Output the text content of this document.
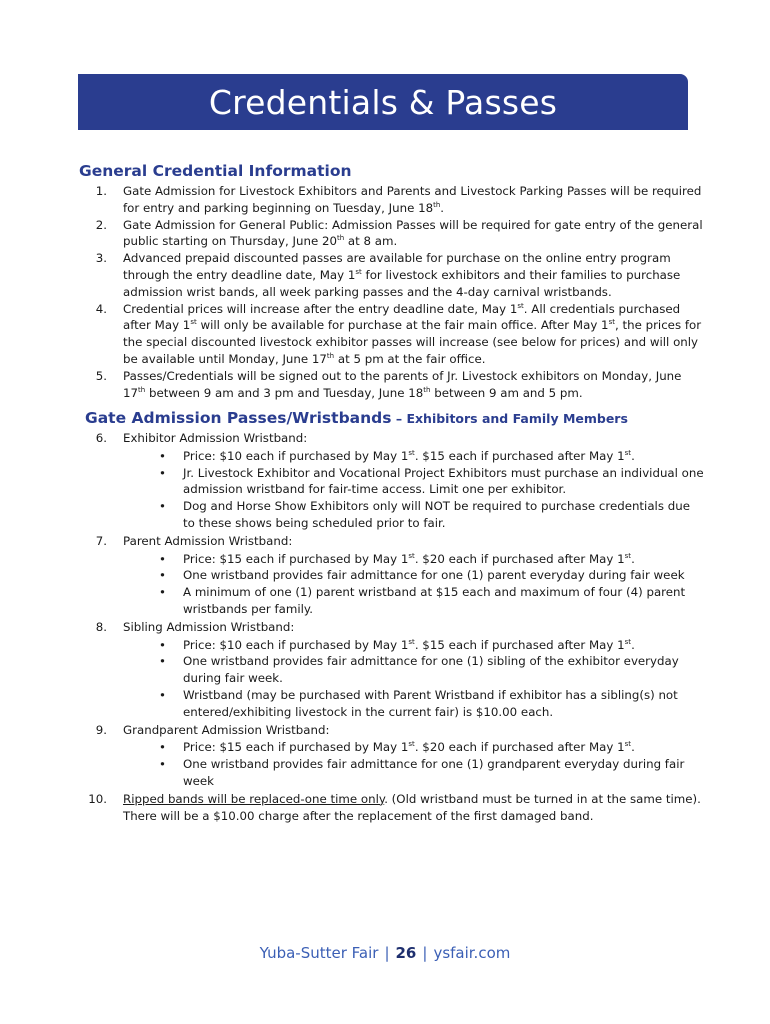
Credentials & Passes
General Credential Information
1. Gate Admission for Livestock Exhibitors and Parents and Livestock Parking Passes will be required for entry and parking beginning on Tuesday, June 18th.
2. Gate Admission for General Public: Admission Passes will be required for gate entry of the general public starting on Thursday, June 20th at 8 am.
3. Advanced prepaid discounted passes are available for purchase on the online entry program through the entry deadline date, May 1st for livestock exhibitors and their families to purchase admission wrist bands, all week parking passes and the 4-day carnival wristbands.
4. Credential prices will increase after the entry deadline date, May 1st. All credentials purchased after May 1st will only be available for purchase at the fair main office. After May 1st, the prices for the special discounted livestock exhibitor passes will increase (see below for prices) and will only be available until Monday, June 17th at 5 pm at the fair office.
5. Passes/Credentials will be signed out to the parents of Jr. Livestock exhibitors on Monday, June 17th between 9 am and 3 pm and Tuesday, June 18th between 9 am and 5 pm.
Gate Admission Passes/Wristbands – Exhibitors and Family Members
6. Exhibitor Admission Wristband:
• Price: $10 each if purchased by May 1st. $15 each if purchased after May 1st.
• Jr. Livestock Exhibitor and Vocational Project Exhibitors must purchase an individual one admission wristband for fair-time access. Limit one per exhibitor.
• Dog and Horse Show Exhibitors only will NOT be required to purchase credentials due to these shows being scheduled prior to fair.
7. Parent Admission Wristband:
• Price: $15 each if purchased by May 1st. $20 each if purchased after May 1st.
• One wristband provides fair admittance for one (1) parent everyday during fair week
• A minimum of one (1) parent wristband at $15 each and maximum of four (4) parent wristbands per family.
8. Sibling Admission Wristband:
• Price: $10 each if purchased by May 1st. $15 each if purchased after May 1st.
• One wristband provides fair admittance for one (1) sibling of the exhibitor everyday during fair week.
• Wristband (may be purchased with Parent Wristband if exhibitor has a sibling(s) not entered/exhibiting livestock in the current fair) is $10.00 each.
9. Grandparent Admission Wristband:
• Price: $15 each if purchased by May 1st. $20 each if purchased after May 1st.
• One wristband provides fair admittance for one (1) grandparent everyday during fair week
10. Ripped bands will be replaced-one time only. (Old wristband must be turned in at the same time). There will be a $10.00 charge after the replacement of the first damaged band.
Yuba-Sutter Fair | 26 | ysfair.com
